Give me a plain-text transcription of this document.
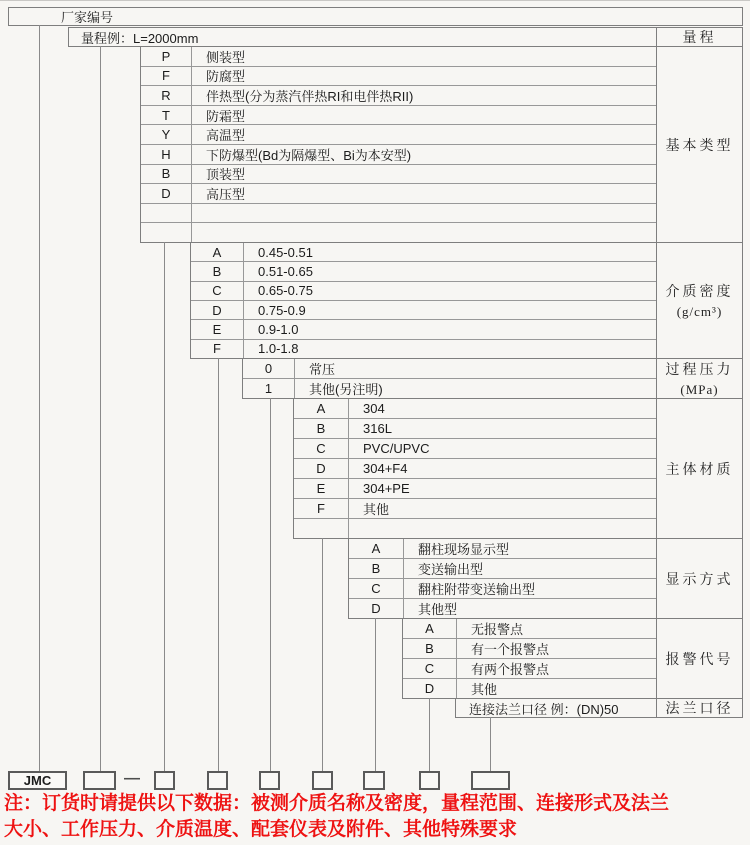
厂家编号
量程例：L=2000mm	量程
P	侧装型
F	防腐型
R	伴热型(分为蒸汽伴热RI和电伴热RII)
T	防霜型
Y	高温型
H	下防爆型(Bd为隔爆型、Bi为本安型)
B	顶装型
D	高压型
基本类型
A	0.45-0.51
B	0.51-0.65
C	0.65-0.75
D	0.75-0.9
E	0.9-1.0
F	1.0-1.8
介质密度
(g/cm³)
0	常压
1	其他(另注明)
过程压力
(MPa)
A	304
B	316L
C	PVC/UPVC
D	304+F4
E	304+PE
F	其他
主体材质
A	翻柱现场显示型
B	变送输出型
C	翻柱附带变送输出型
D	其他型
显示方式
A	无报警点
B	有一个报警点
C	有两个报警点
D	其他
报警代号
连接法兰口径 例：(DN)50	法兰口径
JMC	—
注：订货时请提供以下数据：被测介质名称及密度，量程范围、连接形式及法兰
大小、工作压力、介质温度、配套仪表及附件、其他特殊要求
